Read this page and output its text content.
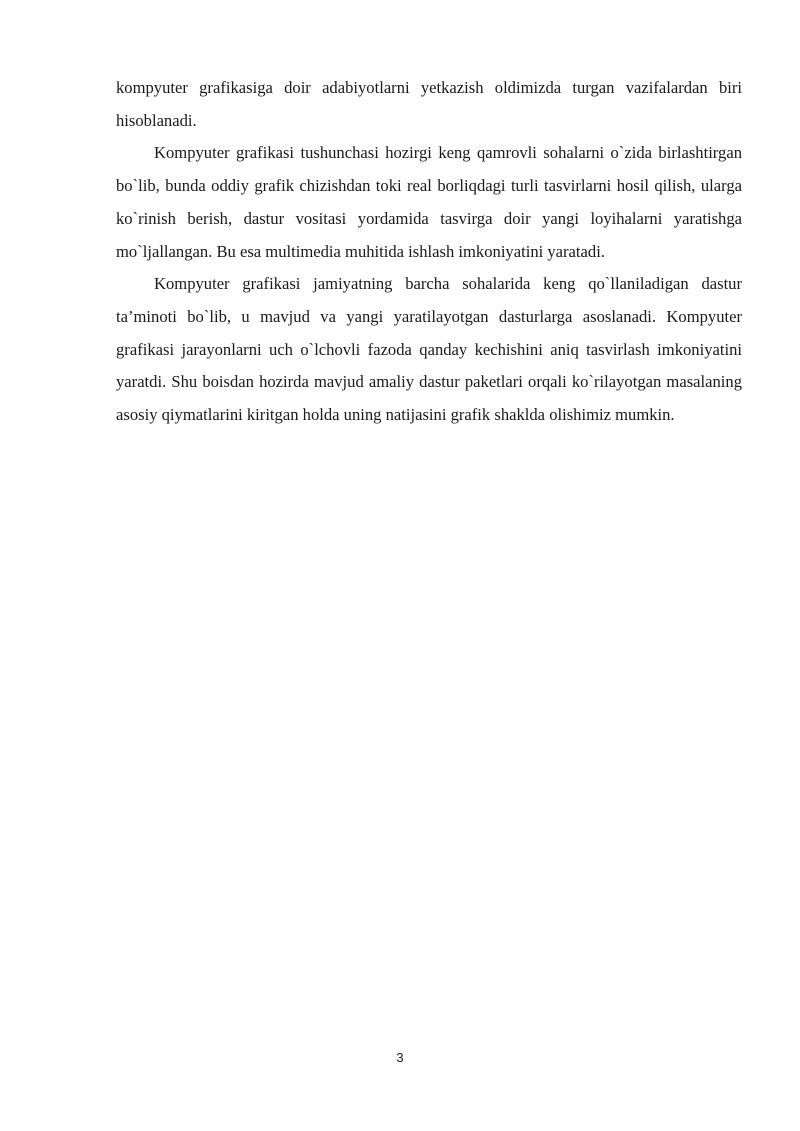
kompyuter grafikasiga doir adabiyotlarni yetkazish oldimizda turgan vazifalardan biri hisoblanadi.

Kompyuter grafikasi tushunchasi hozirgi keng qamrovli sohalarni o`zida birlashtirgan bo`lib, bunda oddiy grafik chizishdan toki real borliqdagi turli tasvirlarni hosil qilish, ularga ko`rinish berish, dastur vositasi yordamida tasvirga doir yangi loyihalarni yaratishga mo`ljallangan. Bu esa multimedia muhitida ishlash imkoniyatini yaratadi.

Kompyuter grafikasi jamiyatning barcha sohalarida keng qo`llaniladigan dastur ta’minoti bo`lib, u mavjud va yangi yaratilayotgan dasturlarga asoslanadi. Kompyuter grafikasi jarayonlarni uch o`lchovli fazoda qanday kechishini aniq tasvirlash imkoniyatini yaratdi. Shu boisdan hozirda mavjud amaliy dastur paketlari orqali ko`rilayotgan masalaning asosiy qiymatlarini kiritgan holda uning natijasini grafik shaklda olishimiz mumkin.

3
